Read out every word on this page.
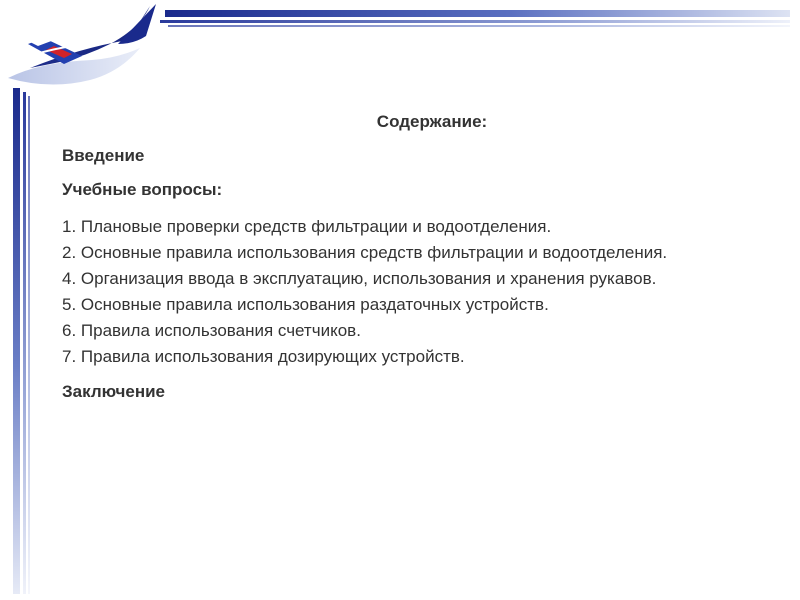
Содержание:
Введение
Учебные вопросы:
1. Плановые проверки средств фильтрации и водоотделения.
2. Основные правила использования средств фильтрации и водоотделения.
4. Организация ввода в эксплуатацию, использования и хранения рукавов.
5. Основные правила использования раздаточных устройств.
6. Правила использования счетчиков.
7. Правила использования дозирующих устройств.
Заключение
